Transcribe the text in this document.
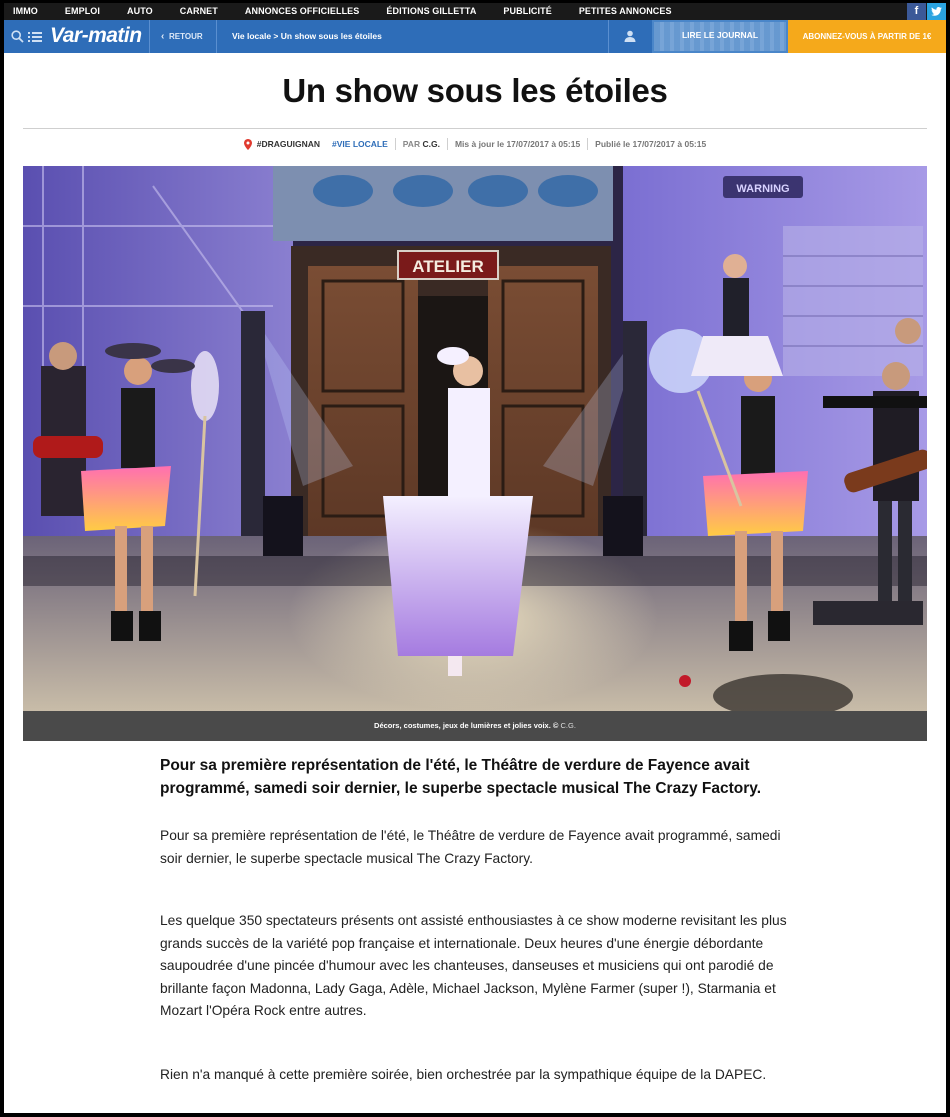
IMMO	EMPLOI	AUTO	CARNET	ANNONCES OFFICIELLES	ÉDITIONS GILLETTA	PUBLICITÉ	PETITES ANNONCES	f
Var-matin ‹ RETOUR	Vie locale > Un show sous les étoiles	LIRE LE JOURNAL	ABONNEZ-VOUS À PARTIR DE 1€
Un show sous les étoiles
#DRAGUIGNAN #VIE LOCALE PAR C.G. Mis à jour le 17/07/2017 à 05:15 Publié le 17/07/2017 à 05:15
WARNING
ATELIER
Décors, costumes, jeux de lumières et jolies voix. © C.G.

Pour sa première représentation de l'été, le Théâtre de verdure de Fayence avait programmé, samedi soir dernier, le superbe spectacle musical The Crazy Factory.

Pour sa première représentation de l'été, le Théâtre de verdure de Fayence avait programmé, samedi soir dernier, le superbe spectacle musical The Crazy Factory.

Les quelque 350 spectateurs présents ont assisté enthousiastes à ce show moderne revisitant les plus grands succès de la variété pop française et internationale. Deux heures d'une énergie débordante saupoudrée d'une pincée d'humour avec les chanteuses, danseuses et musiciens qui ont parodié de brillante façon Madonna, Lady Gaga, Adèle, Michael Jackson, Mylène Farmer (super !), Starmania et Mozart l'Opéra Rock entre autres.

Rien n'a manqué à cette première soirée, bien orchestrée par la sympathique équipe de la DAPEC.
